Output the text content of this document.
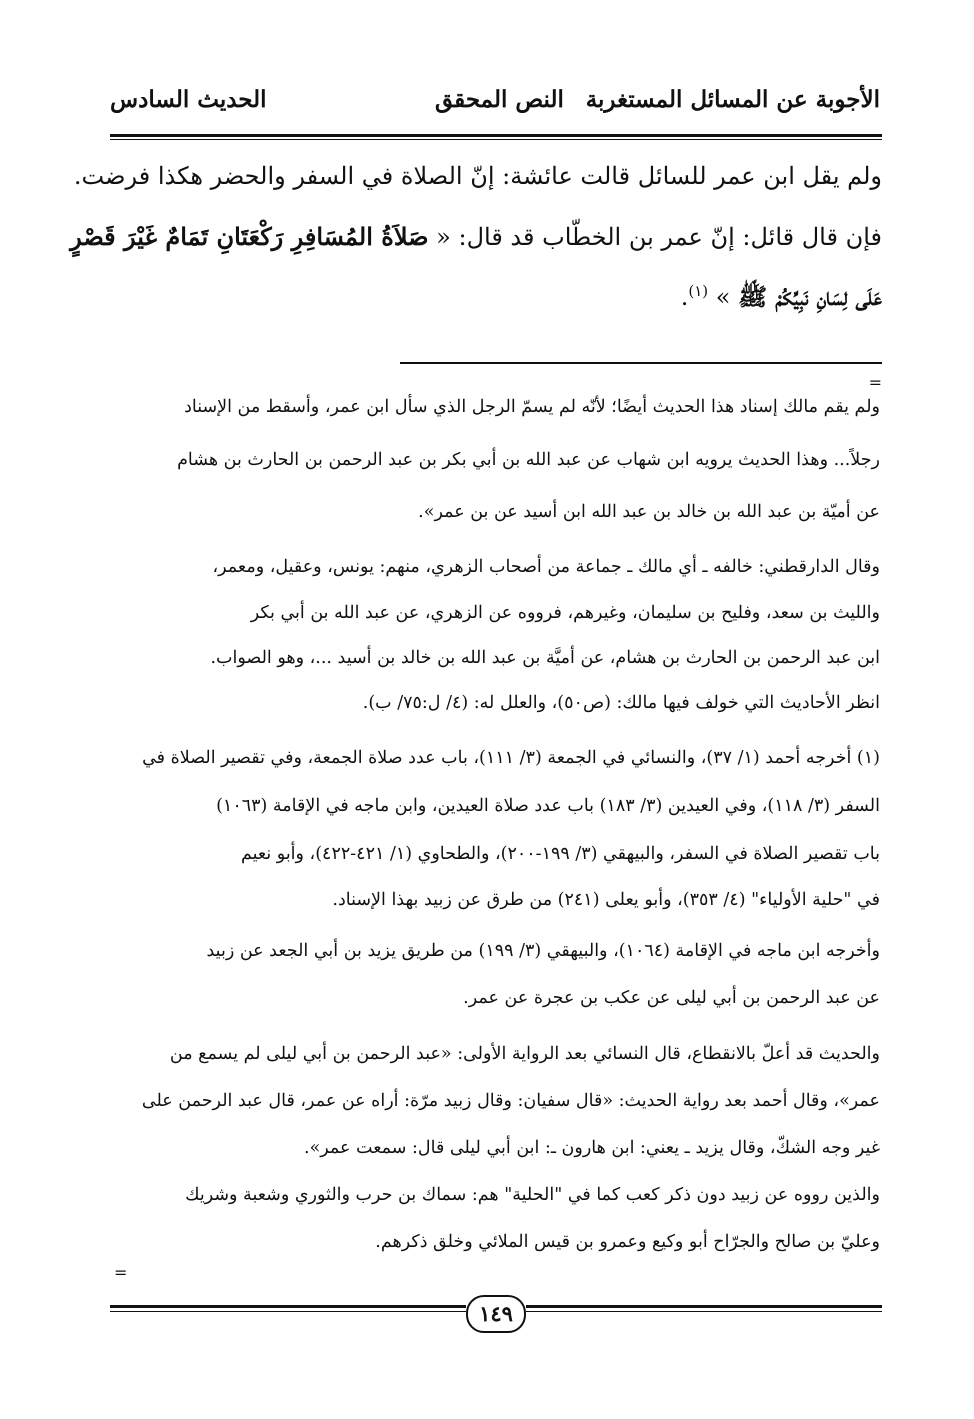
الأجوبة عن المسائل المستغربة
النص المحقق
الحديث السادس
ولم يقل ابن عمر للسائل قالت عائشة: إنّ الصلاة في السفر والحضر هكذا فرضت.
فإن قال قائل: إنّ عمر بن الخطّاب قد قال: « صَلاَةُ المُسَافِرِ رَكْعَتَانِ تَمَامٌ غَيْرَ قَصْرٍ
عَلَى لِسَانِ نَبِيِّكُمْ ﷺ » $^{(١)}$.
=
ولم يقم مالك إسناد هذا الحديث أيضًا؛ لأنّه لم يسمّ الرجل الذي سأل ابن عمر، وأسقط من الإسناد
رجلاً... وهذا الحديث يرويه ابن شهاب عن عبد الله بن أبي بكر بن عبد الرحمن بن الحارث بن هشام
عن أميّة بن عبد الله بن خالد بن عبد الله ابن أسيد عن بن عمر».
وقال الدارقطني: خالفه ـ أي مالك ـ جماعة من أصحاب الزهري، منهم: يونس، وعقيل، ومعمر،
والليث بن سعد، وفليح بن سليمان، وغيرهم، فرووه عن الزهري، عن عبد الله بن أبي بكر
ابن عبد الرحمن بن الحارث بن هشام، عن أميَّة بن عبد الله بن خالد بن أسيد ...، وهو الصواب.
انظر الأحاديث التي خولف فيها مالك: (ص٥٠)، والعلل له: (٤/ ل:٧٥/ ب).
(١) أخرجه أحمد (١/ ٣٧)، والنسائي في الجمعة (٣/ ١١١)، باب عدد صلاة الجمعة، وفي تقصير الصلاة في
السفر (٣/ ١١٨)، وفي العيدين (٣/ ١٨٣) باب عدد صلاة العيدين، وابن ماجه في الإقامة (١٠٦٣)
باب تقصير الصلاة في السفر، والبيهقي (٣/ ١٩٩-٢٠٠)، والطحاوي (١/ ٤٢١-٤٢٢)، وأبو نعيم
في "حلية الأولياء" (٤/ ٣٥٣)، وأبو يعلى (٢٤١) من طرق عن زبيد بهذا الإسناد.
وأخرجه ابن ماجه في الإقامة (١٠٦٤)، والبيهقي (٣/ ١٩٩) من طريق يزيد بن أبي الجعد عن زبيد
عن عبد الرحمن بن أبي ليلى عن عكب بن عجرة عن عمر.
والحديث قد أعلّ بالانقطاع، قال النسائي بعد الرواية الأولى: «عبد الرحمن بن أبي ليلى لم يسمع من
عمر»، وقال أحمد بعد رواية الحديث: «قال سفيان: وقال زبيد مرّة: أراه عن عمر، قال عبد الرحمن على
غير وجه الشكّ، وقال يزيد ـ يعني: ابن هارون ـ: ابن أبي ليلى قال: سمعت عمر».
والذين رووه عن زبيد دون ذكر كعب كما في "الحلية" هم: سماك بن حرب والثوري وشعبة وشريك
وعليّ بن صالح والجرّاح أبو وكيع وعمرو بن قيس الملائي وخلق ذكرهم.
=
١٤٩
